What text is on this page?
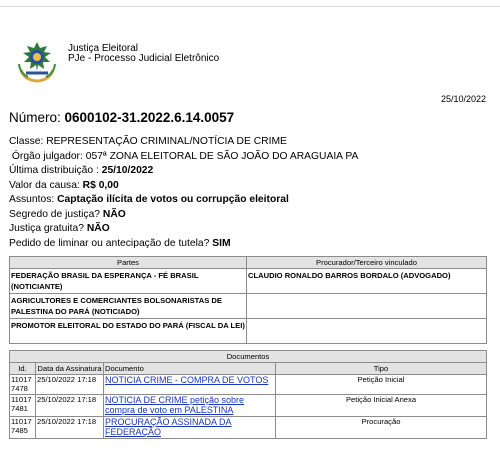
Justiça Eleitoral
PJe - Processo Judicial Eletrônico
25/10/2022
Número: 0600102-31.2022.6.14.0057
Classe: REPRESENTAÇÃO CRIMINAL/NOTÍCIA DE CRIME
Órgão julgador: 057ª ZONA ELEITORAL DE SÃO JOÃO DO ARAGUAIA PA
Última distribuição : 25/10/2022
Valor da causa: R$ 0,00
Assuntos: Captação ilícita de votos ou corrupção eleitoral
Segredo de justiça? NÃO
Justiça gratuita? NÃO
Pedido de liminar ou antecipação de tutela? SIM
Partes	Procurador/Terceiro vinculado
FEDERAÇÃO BRASIL DA ESPERANÇA - FÉ BRASIL (NOTICIANTE)	CLAUDIO RONALDO BARROS BORDALO (ADVOGADO)
AGRICULTORES E COMERCIANTES BOLSONARISTAS DE PALESTINA DO PARÁ (NOTICIADO)	
PROMOTOR ELEITORAL DO ESTADO DO PARÁ (FISCAL DA LEI)	
Documentos			
Id.	Data da Assinatura	Documento	Tipo
11017 7478	25/10/2022 17:18	NOTICIA CRIME - COMPRA DE VOTOS	Petição Inicial
11017 7481	25/10/2022 17:18	NOTICIA DE CRIME petição sobre compra de voto em PALESTINA	Petição Inicial Anexa
11017 7485	25/10/2022 17:18	PROCURAÇÃO ASSINADA DA FEDERAÇÃO	Procuração
